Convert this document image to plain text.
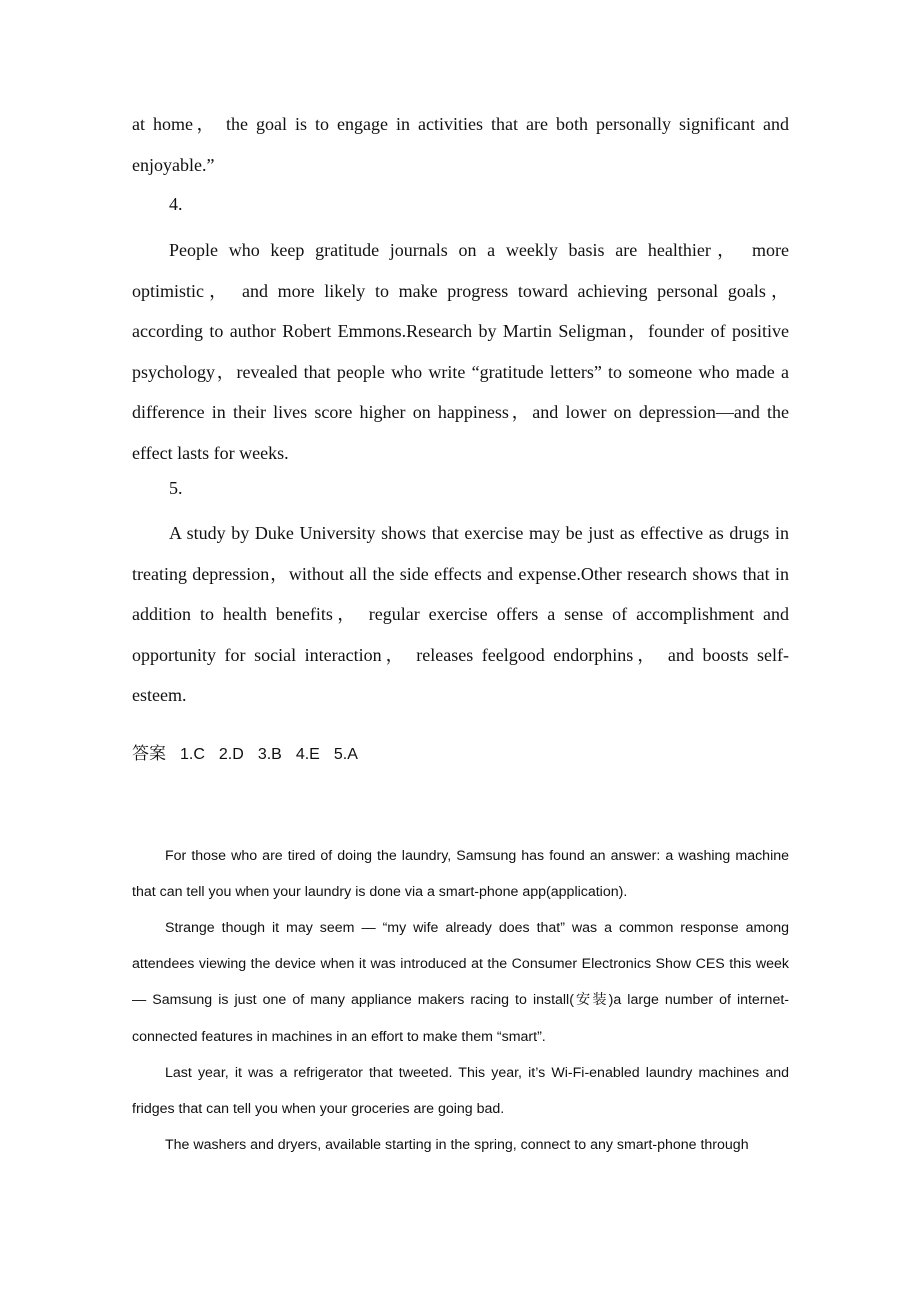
at home， the goal is to engage in activities that are both personally significant and enjoyable.”

4.

People who keep gratitude journals on a weekly basis are healthier， more optimistic， and more likely to make progress toward achieving personal goals， according to author Robert Emmons.Research by Martin Seligman，founder of positive psychology，revealed that people who write “gratitude letters” to someone who made a difference in their lives score higher on happiness，and lower on depression—and the effect lasts for weeks.

5.

A study by Duke University shows that exercise may be just as effective as drugs in treating depression，without all the side effects and expense.Other research shows that in addition to health benefits， regular exercise offers a sense of accomplishment and opportunity for social interaction， releases feelgood endorphins， and boosts self-esteem.

答案 1.C 2.D 3.B 4.E 5.A

For those who are tired of doing the laundry, Samsung has found an answer: a washing machine that can tell you when your laundry is done via a smart-phone app(application).

Strange though it may seem — “my wife already does that” was a common response among attendees viewing the device when it was introduced at the Consumer Electronics Show CES this week — Samsung is just one of many appliance makers racing to install(安装)a large number of internet-connected features in machines in an effort to make them “smart”.

Last year, it was a refrigerator that tweeted. This year, it’s Wi-Fi-enabled laundry machines and fridges that can tell you when your groceries are going bad.

The washers and dryers, available starting in the spring, connect to any smart-phone through
